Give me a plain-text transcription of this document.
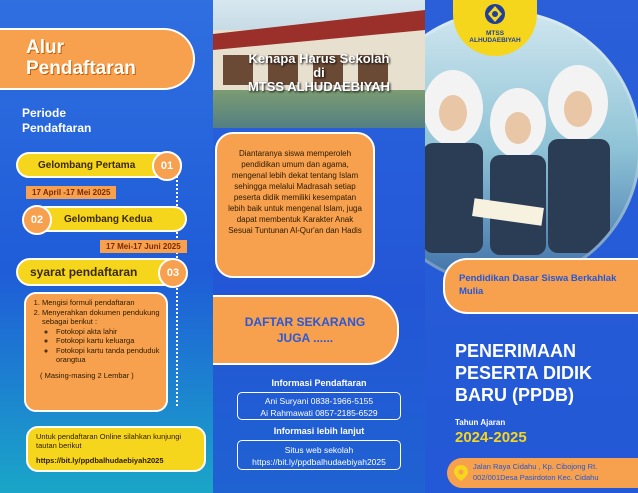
Alur
Pendaftaran
Periode
Pendaftaran
Gelombang Pertama 01
17 April -17 Mei 2025
Gelombang Kedua
02
17 Mei-17 Juni 2025
syarat pendaftaran	03
1. Mengisi formuli pendaftaran
2. Menyerahkan dokumen pendukung sebagai berikut :
◦ Fotokopi akta lahir
◦ Fotokopi kartu keluarga
◦ Fotokopi kartu tanda penduduk orangtua
( Masing-masing 2 Lembar )
Untuk pendaftaran Online silahkan kunjungi tautan berikut
https://bit.ly/ppdbalhudaebiyah2025
Kenapa Harus Sekolah
di
MTSS ALHUDAEBIYAH
Diantaranya siswa memperoleh pendidikan umum dan agama, mengenal lebih dekat tentang Islam sehingga melalui Madrasah setiap peserta didik memiliki kesempatan lebih baik untuk mengenal Islam, juga dapat membentuk Karakter Anak Sesuai Tuntunan Al-Qur'an dan Hadis
DAFTAR SEKARANG JUGA ......
Informasi Pendaftaran
Ani Suryani 0838-1966-5155
Ai Rahmawati 0857-2185-6529
Informasi lebih lanjut
Situs web sekolah
https://bit.ly/ppdbalhudaebiyah2025
MTSS
ALHUDAEBIYAH
Pendidikan Dasar Siswa Berkahlak Mulia
PENERIMAAN PESERTA DIDIK BARU (PPDB)
Tahun Ajaran
2024-2025
Jalan Raya Cidahu , Kp. Cibojong Rt. 002/001Desa Pasirdoton Kec. Cidahu
